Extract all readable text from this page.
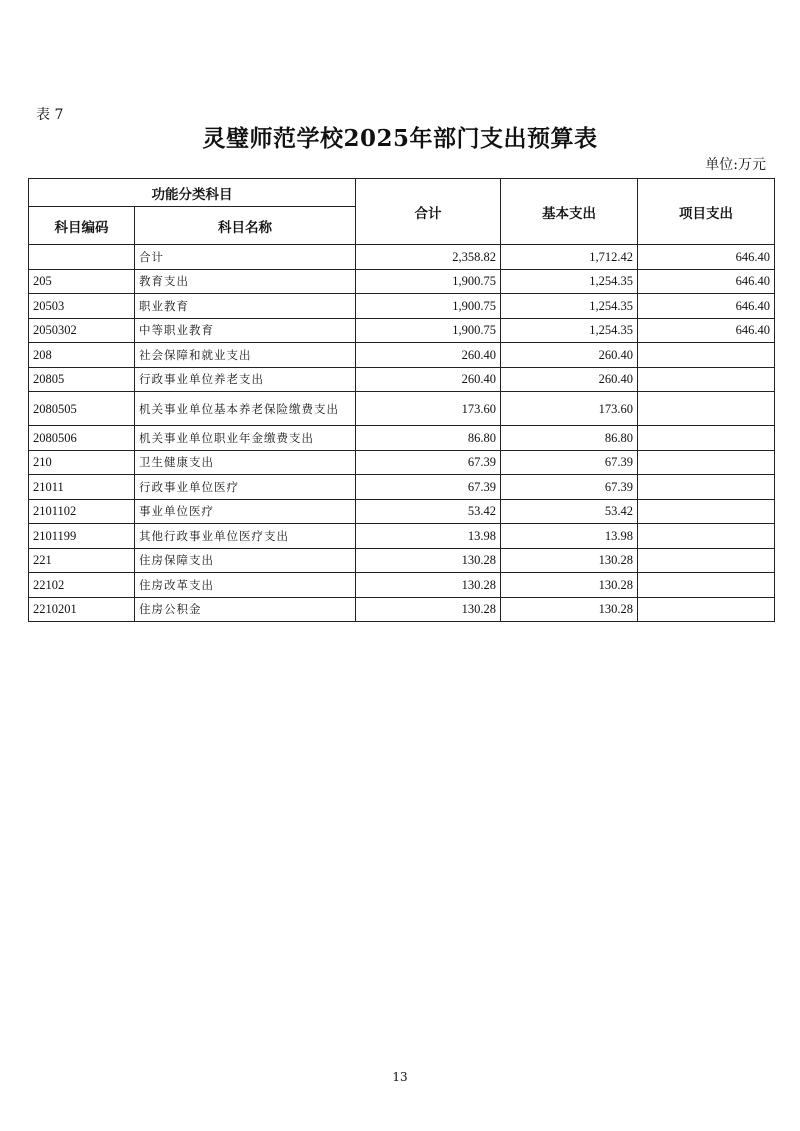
表 7
灵璧师范学校2025年部门支出预算表
单位:万元
功能分类科目		合计	基本支出	项目支出
科目编码	科目名称			
	合计	2,358.82	1,712.42	646.40
205	教育支出	1,900.75	1,254.35	646.40
20503	职业教育	1,900.75	1,254.35	646.40
2050302	中等职业教育	1,900.75	1,254.35	646.40
208	社会保障和就业支出	260.40	260.40	
20805	行政事业单位养老支出	260.40	260.40	
2080505	机关事业单位基本养老保险缴费支出	173.60	173.60	
2080506	机关事业单位职业年金缴费支出	86.80	86.80	
210	卫生健康支出	67.39	67.39	
21011	行政事业单位医疗	67.39	67.39	
2101102	事业单位医疗	53.42	53.42	
2101199	其他行政事业单位医疗支出	13.98	13.98	
221	住房保障支出	130.28	130.28	
22102	住房改革支出	130.28	130.28	
2210201	住房公积金	130.28	130.28	
13
